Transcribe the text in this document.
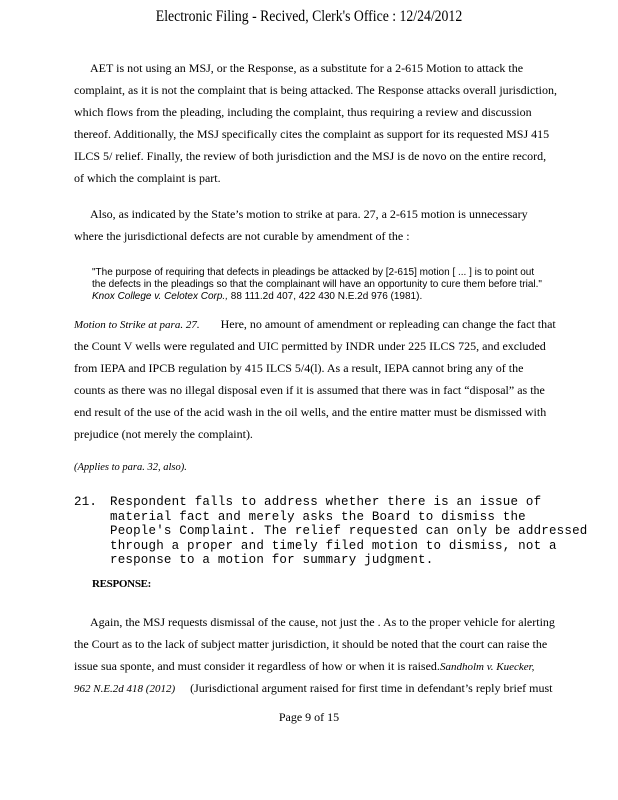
Electronic Filing - Recived, Clerk's Office : 12/24/2012
AET is not using an MSJ, or the Response, as a substitute for a 2-615 Motion to attack the
complaint, as it is not the complaint that is being attacked. The Response attacks overall jurisdiction,
which flows from the pleading, including the complaint, thus requiring a review and discussion
thereof. Additionally, the MSJ specifically cites the complaint as support for its requested MSJ 415
ILCS 5/ relief. Finally, the review of both jurisdiction and the MSJ is de novo on the entire record,
of which the complaint is part.
Also, as indicated by the State’s motion to strike at para. 27, a 2-615 motion is unnecessary
where the jurisdictional defects are not curable by amendment of the :
"The purpose of requiring that defects in pleadings be attacked by [2-615] motion [ ... ] is to point out
the defects in the pleadings so that the complainant will have an opportunity to cure them before trial."
Knox College v. Celotex Corp., 88 111.2d 407, 422 430 N.E.2d 976 (1981).
Motion to Strike at para. 27.       Here, no amount of amendment or repleading can change the fact that
the Count V wells were regulated and UIC permitted by INDR under 225 ILCS 725, and excluded
from IEPA and IPCB regulation by 415 ILCS 5/4(l). As a result, IEPA cannot bring any of the
counts as there was no illegal disposal even if it is assumed that there was in fact “disposal” as the
end result of the use of the acid wash in the oil wells, and the entire matter must be dismissed with
prejudice (not merely the complaint).
(Applies to para. 32, also).
21. Respondent falls to address whether there is an issue of
material fact and merely asks the Board to dismiss the
People's Complaint. The relief requested can only be addressed
through a proper and timely filed motion to dismiss, not a
response to a motion for summary judgment.
RESPONSE:
Again, the MSJ requests dismissal of the cause, not just the . As to the proper vehicle for alerting
the Court as to the lack of subject matter jurisdiction, it should be noted that the court can raise the
issue sua sponte, and must consider it regardless of how or when it is raised.Sandholm v. Kuecker,
962 N.E.2d 418 (2012)     (Jurisdictional argument raised for first time in defendant’s reply brief must
Page 9 of 15
